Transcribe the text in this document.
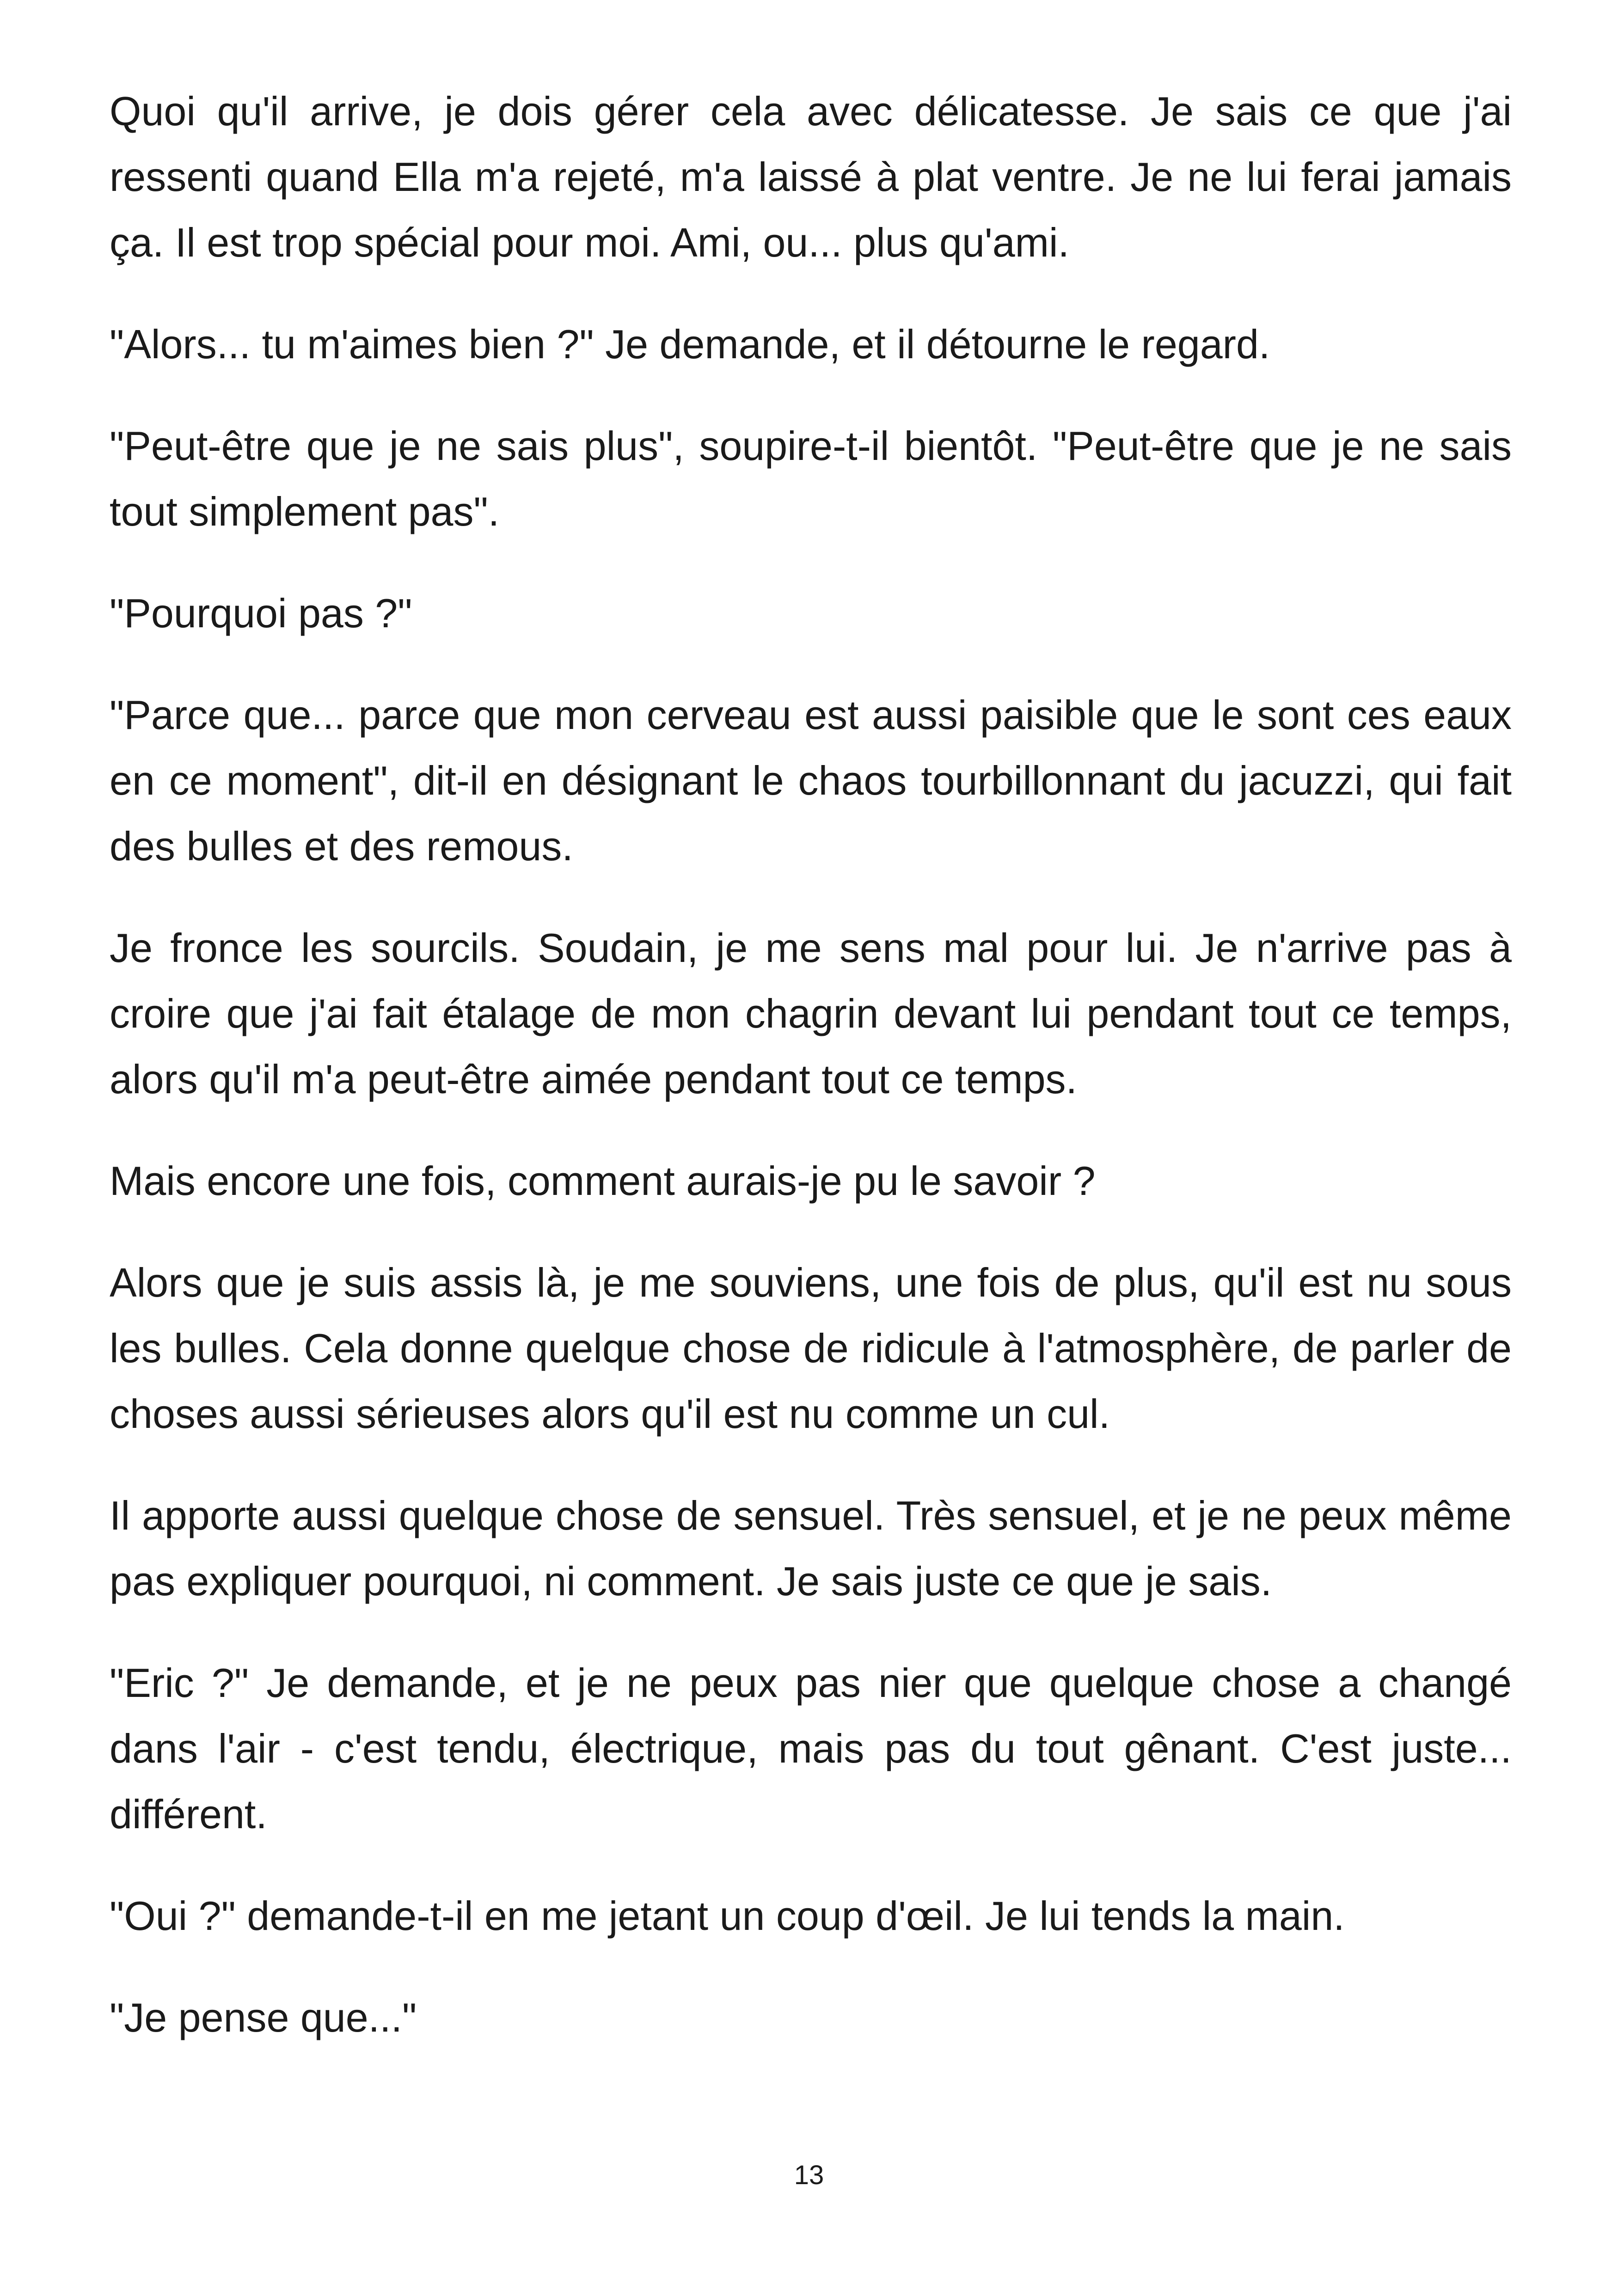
Quoi qu'il arrive, je dois gérer cela avec délicatesse. Je sais ce que j'ai ressenti quand Ella m'a rejeté, m'a laissé à plat ventre. Je ne lui ferai jamais ça. Il est trop spécial pour moi. Ami, ou... plus qu'ami.

"Alors... tu m'aimes bien ?" Je demande, et il détourne le regard.

"Peut-être que je ne sais plus", soupire-t-il bientôt. "Peut-être que je ne sais tout simplement pas".

"Pourquoi pas ?"

"Parce que... parce que mon cerveau est aussi paisible que le sont ces eaux en ce moment", dit-il en désignant le chaos tourbillonnant du jacuzzi, qui fait des bulles et des remous.

Je fronce les sourcils. Soudain, je me sens mal pour lui. Je n'arrive pas à croire que j'ai fait étalage de mon chagrin devant lui pendant tout ce temps, alors qu'il m'a peut-être aimée pendant tout ce temps.

Mais encore une fois, comment aurais-je pu le savoir ?

Alors que je suis assis là, je me souviens, une fois de plus, qu'il est nu sous les bulles. Cela donne quelque chose de ridicule à l'atmosphère, de parler de choses aussi sérieuses alors qu'il est nu comme un cul.

Il apporte aussi quelque chose de sensuel. Très sensuel, et je ne peux même pas expliquer pourquoi, ni comment. Je sais juste ce que je sais.

"Eric ?" Je demande, et je ne peux pas nier que quelque chose a changé dans l'air - c'est tendu, électrique, mais pas du tout gênant. C'est juste... différent.

"Oui ?" demande-t-il en me jetant un coup d'œil. Je lui tends la main.

"Je pense que..."

13
